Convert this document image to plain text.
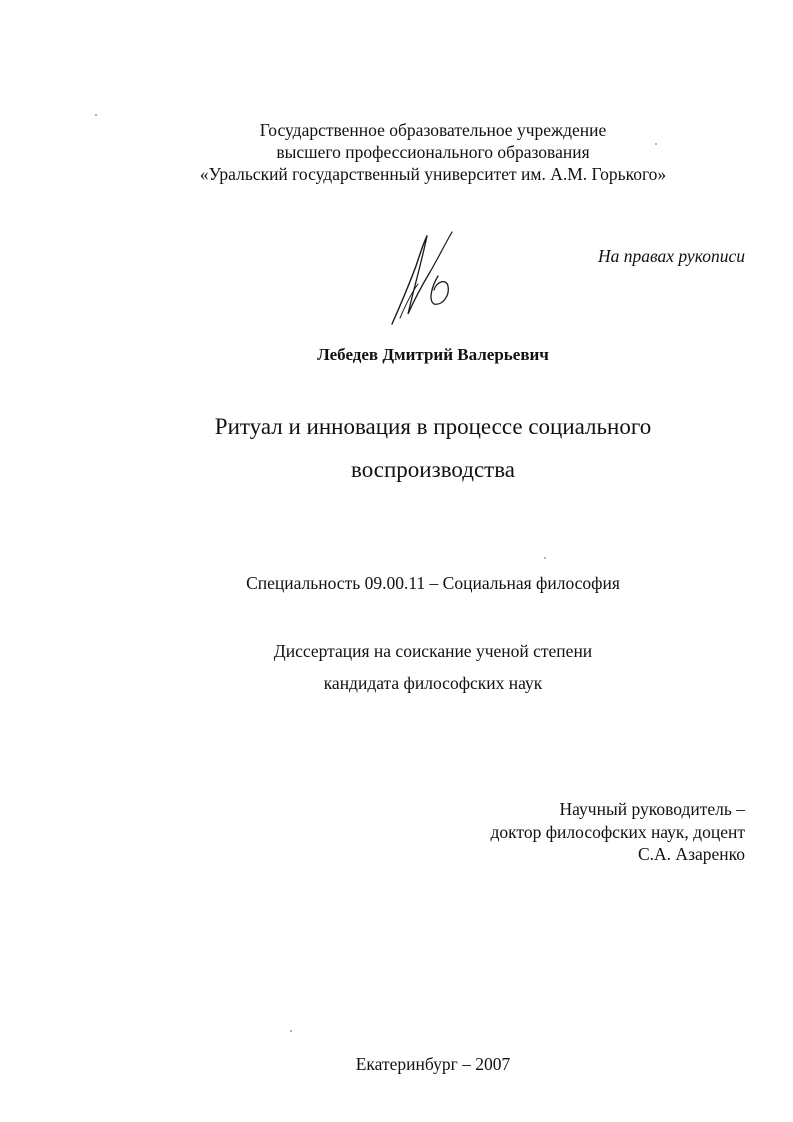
Государственное образовательное учреждение
высшего профессионального образования
«Уральский государственный университет им. А.М. Горького»
На правах рукописи
Лебедев Дмитрий Валерьевич
Ритуал и инновация в процессе социального
воспроизводства
Специальность 09.00.11 – Социальная философия
Диссертация на соискание ученой степени
кандидата философских наук
Научный руководитель –
доктор философских наук, доцент
С.А. Азаренко
Екатеринбург – 2007
